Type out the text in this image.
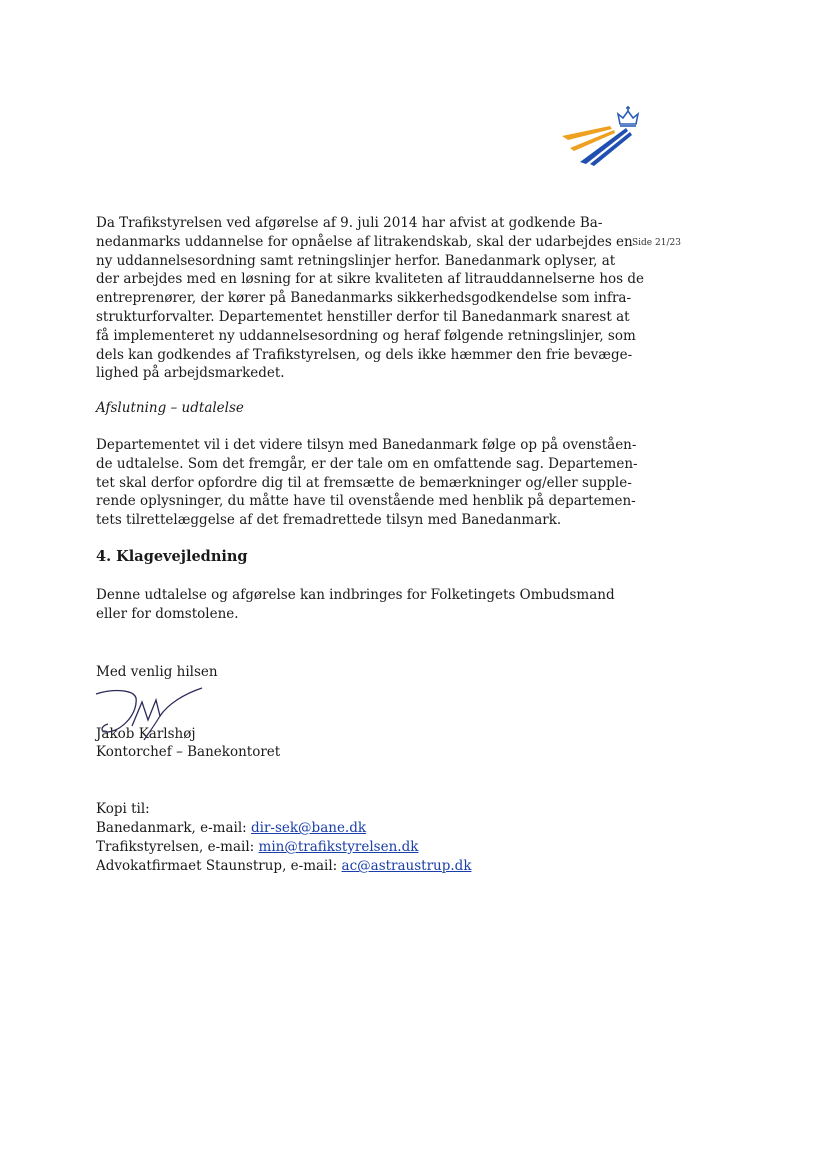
Side 21/23
Da Trafikstyrelsen ved afgørelse af 9. juli 2014 har afvist at godkende Ba-
nedanmarks uddannelse for opnåelse af litrakendskab, skal der udarbejdes en
ny uddannelsesordning samt retningslinjer herfor. Banedanmark oplyser, at
der arbejdes med en løsning for at sikre kvaliteten af litrauddannelserne hos de
entreprenører, der kører på Banedanmarks sikkerhedsgodkendelse som infra-
strukturforvalter. Departementet henstiller derfor til Banedanmark snarest at
få implementeret ny uddannelsesordning og heraf følgende retningslinjer, som
dels kan godkendes af Trafikstyrelsen, og dels ikke hæmmer den frie bevæge-
lighed på arbejdsmarkedet.
Afslutning – udtalelse
Departementet vil i det videre tilsyn med Banedanmark følge op på ovenståen-
de udtalelse. Som det fremgår, er der tale om en omfattende sag. Departemen-
tet skal derfor opfordre dig til at fremsætte de bemærkninger og/eller supple-
rende oplysninger, du måtte have til ovenstående med henblik på departemen-
tets tilrettelæggelse af det fremadrettede tilsyn med Banedanmark.
4. Klagevejledning
Denne udtalelse og afgørelse kan indbringes for Folketingets Ombudsmand
eller for domstolene.
Med venlig hilsen
Jakob Karlshøj
Kontorchef – Banekontoret
Kopi til:
Banedanmark, e-mail: dir-sek@bane.dk
Trafikstyrelsen, e-mail: min@trafikstyrelsen.dk
Advokatfirmaet Staunstrup, e-mail: ac@astraustrup.dk
